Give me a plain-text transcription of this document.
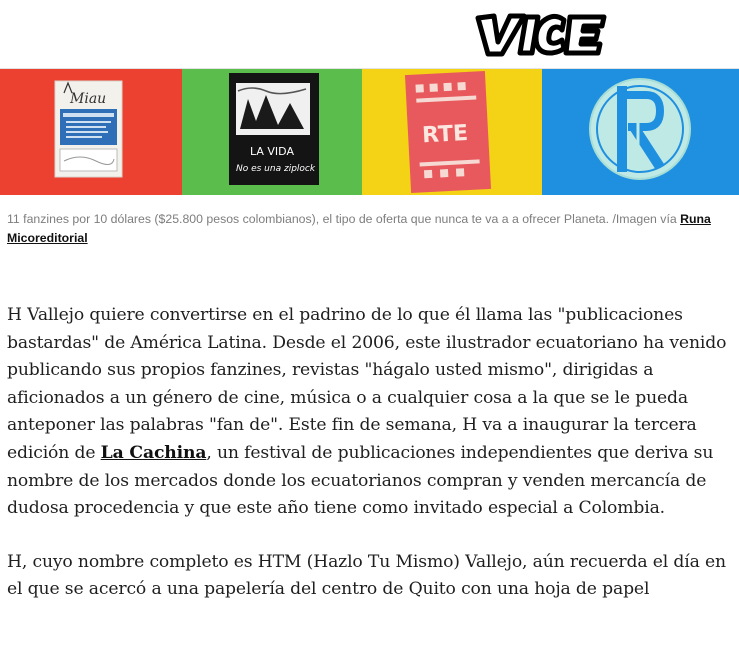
Miau
LA VIDA
No es una ziplock
RTE
11 fanzines por 10 dólares ($25.800 pesos colombianos), el tipo de oferta que nunca te va a a ofrecer Planeta. /Imagen vía Runa Micoreditorial

H Vallejo quiere convertirse en el padrino de lo que él llama las "publicaciones bastardas" de América Latina. Desde el 2006, este ilustrador ecuatoriano ha venido publicando sus propios fanzines, revistas "hágalo usted mismo", dirigidas a aficionados a un género de cine, música o a cualquier cosa a la que se le pueda anteponer las palabras "fan de". Este fin de semana, H va a inaugurar la tercera edición de La Cachina, un festival de publicaciones independientes que deriva su nombre de los mercados donde los ecuatorianos compran y venden mercancía de dudosa procedencia y que este año tiene como invitado especial a Colombia.

H, cuyo nombre completo es HTM (Hazlo Tu Mismo) Vallejo, aún recuerda el día en el que se acercó a una papelería del centro de Quito con una hoja de papel
